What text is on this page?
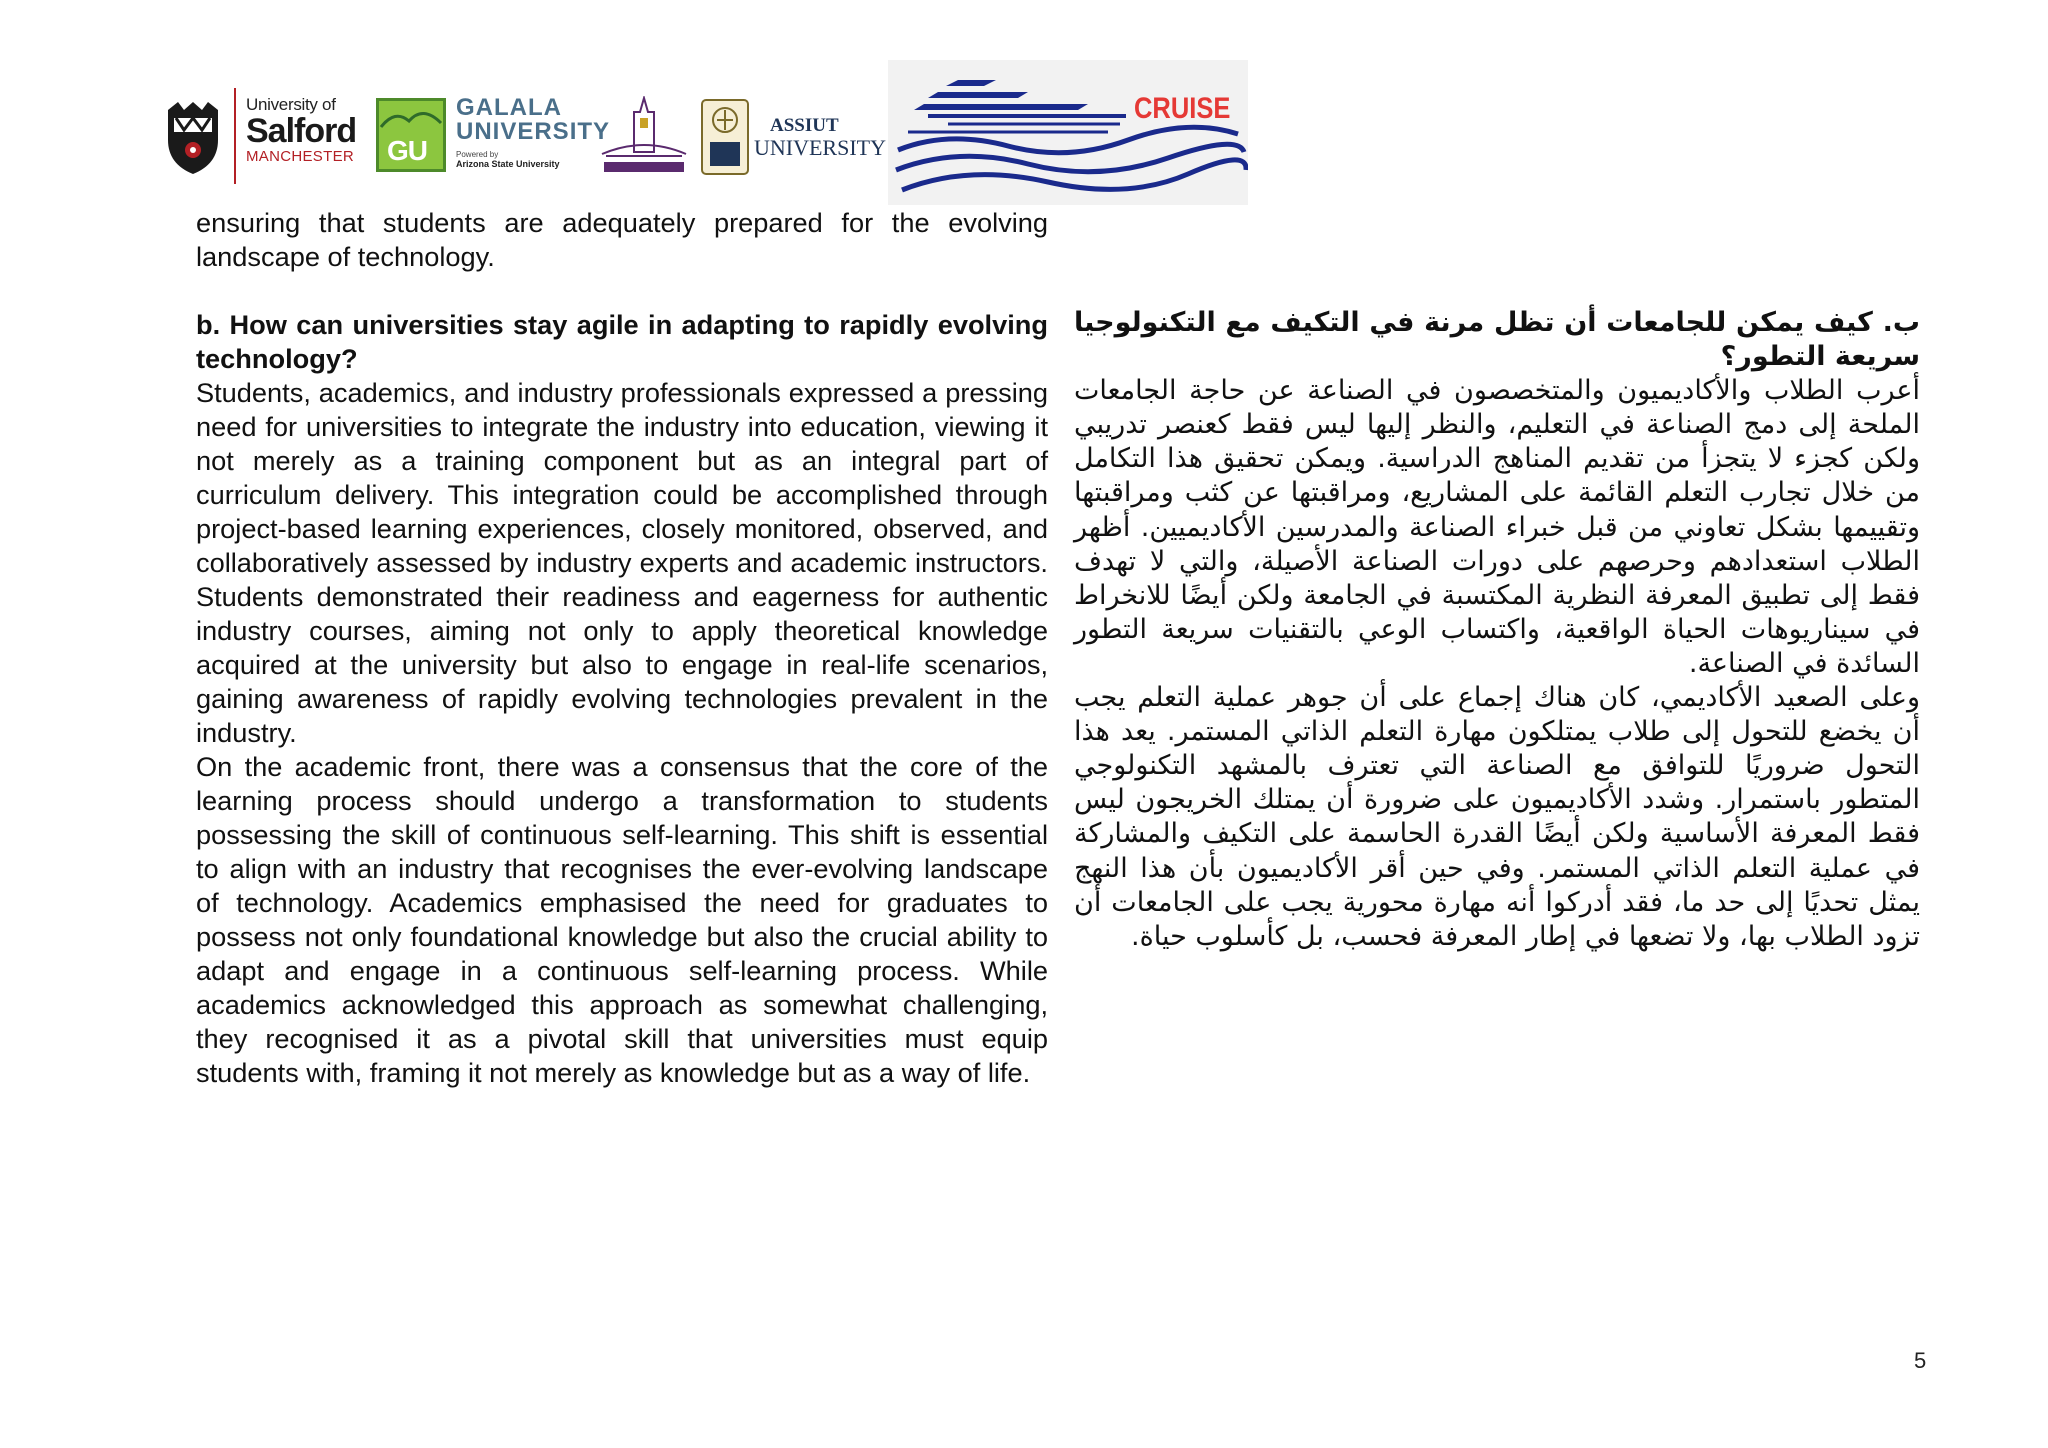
University of
Salford
MANCHESTER GU
GALALA
UNIVERSITY
Powered by
Arizona State University
ASSIUT
UNIVERSITY
CRUISE

ensuring that students are adequately prepared for the evolving landscape of technology.

b. How can universities stay agile in adapting to rapidly evolving technology?

Students, academics, and industry professionals expressed a pressing need for universities to integrate the industry into education, viewing it not merely as a training component but as an integral part of curriculum delivery. This integration could be accomplished through project-based learning experiences, closely monitored, observed, and collaboratively assessed by industry experts and academic instructors. Students demonstrated their readiness and eagerness for authentic industry courses, aiming not only to apply theoretical knowledge acquired at the university but also to engage in real-life scenarios, gaining awareness of rapidly evolving technologies prevalent in the industry.

On the academic front, there was a consensus that the core of the learning process should undergo a transformation to students possessing the skill of continuous self-learning. This shift is essential to align with an industry that recognises the ever-evolving landscape of technology. Academics emphasised the need for graduates to possess not only foundational knowledge but also the crucial ability to adapt and engage in a continuous self-learning process. While academics acknowledged this approach as somewhat challenging, they recognised it as a pivotal skill that universities must equip students with, framing it not merely as knowledge but as a way of life.

ب. كيف يمكن للجامعات أن تظل مرنة في التكيف مع التكنولوجيا سريعة التطور؟

أعرب الطلاب والأكاديميون والمتخصصون في الصناعة عن حاجة الجامعات الملحة إلى دمج الصناعة في التعليم، والنظر إليها ليس فقط كعنصر تدريبي ولكن كجزء لا يتجزأ من تقديم المناهج الدراسية. ويمكن تحقيق هذا التكامل من خلال تجارب التعلم القائمة على المشاريع، ومراقبتها عن كثب ومراقبتها وتقييمها بشكل تعاوني من قبل خبراء الصناعة والمدرسين الأكاديميين. أظهر الطلاب استعدادهم وحرصهم على دورات الصناعة الأصيلة، والتي لا تهدف فقط إلى تطبيق المعرفة النظرية المكتسبة في الجامعة ولكن أيضًا للانخراط في سيناريوهات الحياة الواقعية، واكتساب الوعي بالتقنيات سريعة التطور السائدة في الصناعة.

وعلى الصعيد الأكاديمي، كان هناك إجماع على أن جوهر عملية التعلم يجب أن يخضع للتحول إلى طلاب يمتلكون مهارة التعلم الذاتي المستمر. يعد هذا التحول ضروريًا للتوافق مع الصناعة التي تعترف بالمشهد التكنولوجي المتطور باستمرار. وشدد الأكاديميون على ضرورة أن يمتلك الخريجون ليس فقط المعرفة الأساسية ولكن أيضًا القدرة الحاسمة على التكيف والمشاركة في عملية التعلم الذاتي المستمر. وفي حين أقر الأكاديميون بأن هذا النهج يمثل تحديًا إلى حد ما، فقد أدركوا أنه مهارة محورية يجب على الجامعات أن تزود الطلاب بها، ولا تضعها في إطار المعرفة فحسب، بل كأسلوب حياة.

5
